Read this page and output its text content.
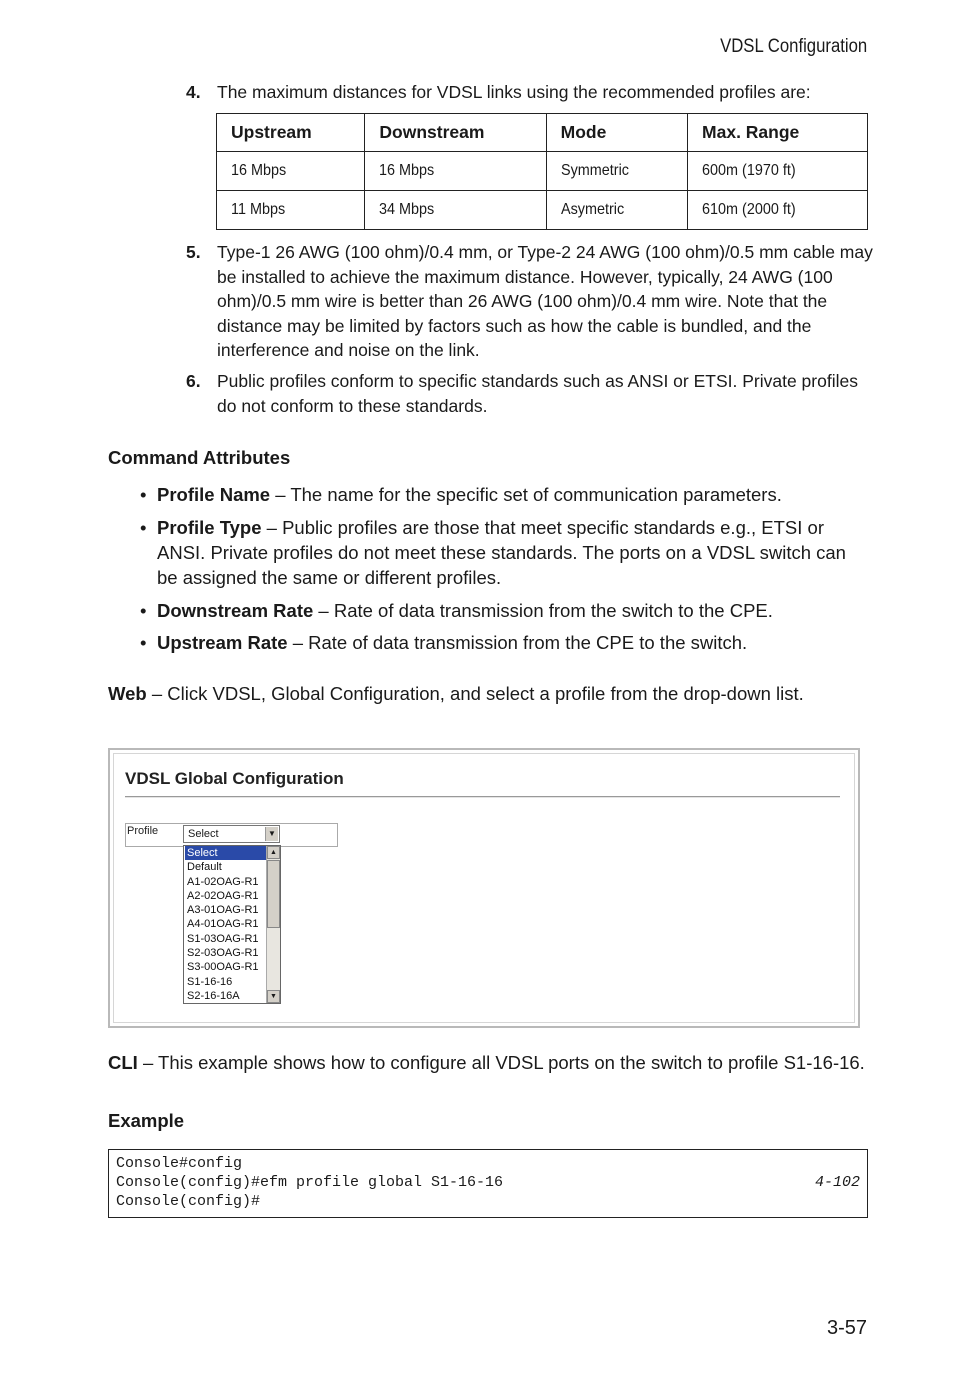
VDSL Configuration
4. The maximum distances for VDSL links using the recommended profiles are:
Upstream	Downstream	Mode	Max. Range
16 Mbps	16 Mbps	Symmetric	600m (1970 ft)
11 Mbps	34 Mbps	Asymetric	610m (2000 ft)
5. Type-1 26 AWG (100 ohm)/0.4 mm, or Type-2 24 AWG (100 ohm)/0.5 mm cable may be installed to achieve the maximum distance. However, typically, 24 AWG (100 ohm)/0.5 mm wire is better than 26 AWG (100 ohm)/0.4 mm wire. Note that the distance may be limited by factors such as how the cable is bundled, and the interference and noise on the link.
6. Public profiles conform to specific standards such as ANSI or ETSI. Private profiles do not conform to these standards.
Command Attributes
• Profile Name – The name for the specific set of communication parameters.
• Profile Type – Public profiles are those that meet specific standards e.g., ETSI or ANSI. Private profiles do not meet these standards. The ports on a VDSL switch can be assigned the same or different profiles.
• Downstream Rate – Rate of data transmission from the switch to the CPE.
• Upstream Rate – Rate of data transmission from the CPE to the switch.
Web – Click VDSL, Global Configuration, and select a profile from the drop-down list.
VDSL Global Configuration
Profile	Select	▼
Select
Default
A1-02OAG-R1
A2-02OAG-R1
A3-01OAG-R1
A4-01OAG-R1
S1-03OAG-R1
S2-03OAG-R1
S3-00OAG-R1
S1-16-16
S2-16-16A
▲
▼
CLI – This example shows how to configure all VDSL ports on the switch to profile S1-16-16.
Example
Console#config
Console(config)#efm profile global S1-16-16
Console(config)#
4-102
3-57
